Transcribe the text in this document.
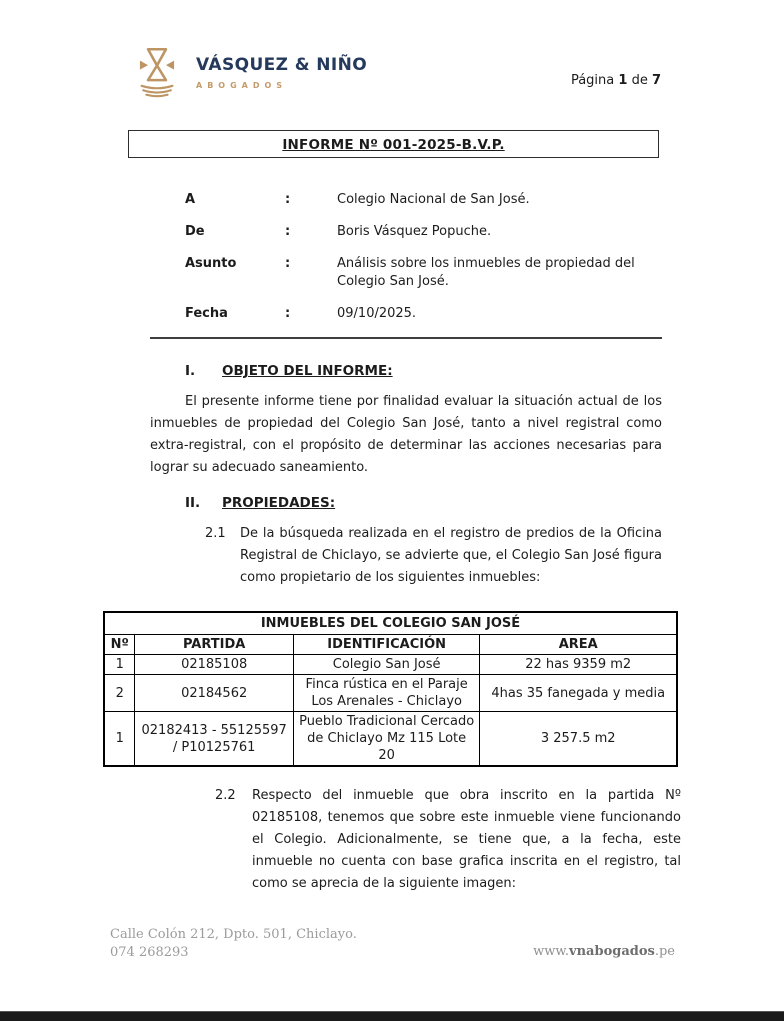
VÁSQUEZ & NIÑO
ABOGADOS	Página 1 de 7
INFORME Nº 001-2025-B.V.P.
A	:	Colegio Nacional de San José.
De	:	Boris Vásquez Popuche.
Asunto	:	Análisis sobre los inmuebles de propiedad del Colegio San José.
Fecha	:	09/10/2025.
I.	OBJETO DEL INFORME:

El presente informe tiene por finalidad evaluar la situación actual de los inmuebles de propiedad del Colegio San José, tanto a nivel registral como extra-registral, con el propósito de determinar las acciones necesarias para lograr su adecuado saneamiento.

II.	PROPIEDADES:
2.1	De la búsqueda realizada en el registro de predios de la Oficina Registral de Chiclayo, se advierte que, el Colegio San José figura como propietario de los siguientes inmuebles:
INMUEBLES DEL COLEGIO SAN JOSÉ			
Nº	PARTIDA	IDENTIFICACIÓN	AREA
1	02185108	Colegio San José	22 has 9359 m2
2	02184562	Finca rústica en el Paraje Los Arenales - Chiclayo	4has 35 fanegada y media
1	02182413 - 55125597 / P10125761	Pueblo Tradicional Cercado de Chiclayo Mz 115 Lote 20	3 257.5 m2
2.2	Respecto del inmueble que obra inscrito en la partida Nº 02185108, tenemos que sobre este inmueble viene funcionando el Colegio. Adicionalmente, se tiene que, a la fecha, este inmueble no cuenta con base grafica inscrita en el registro, tal como se aprecia de la siguiente imagen:
Calle Colón 212, Dpto. 501, Chiclayo.
074 268293	www.vnabogados.pe
